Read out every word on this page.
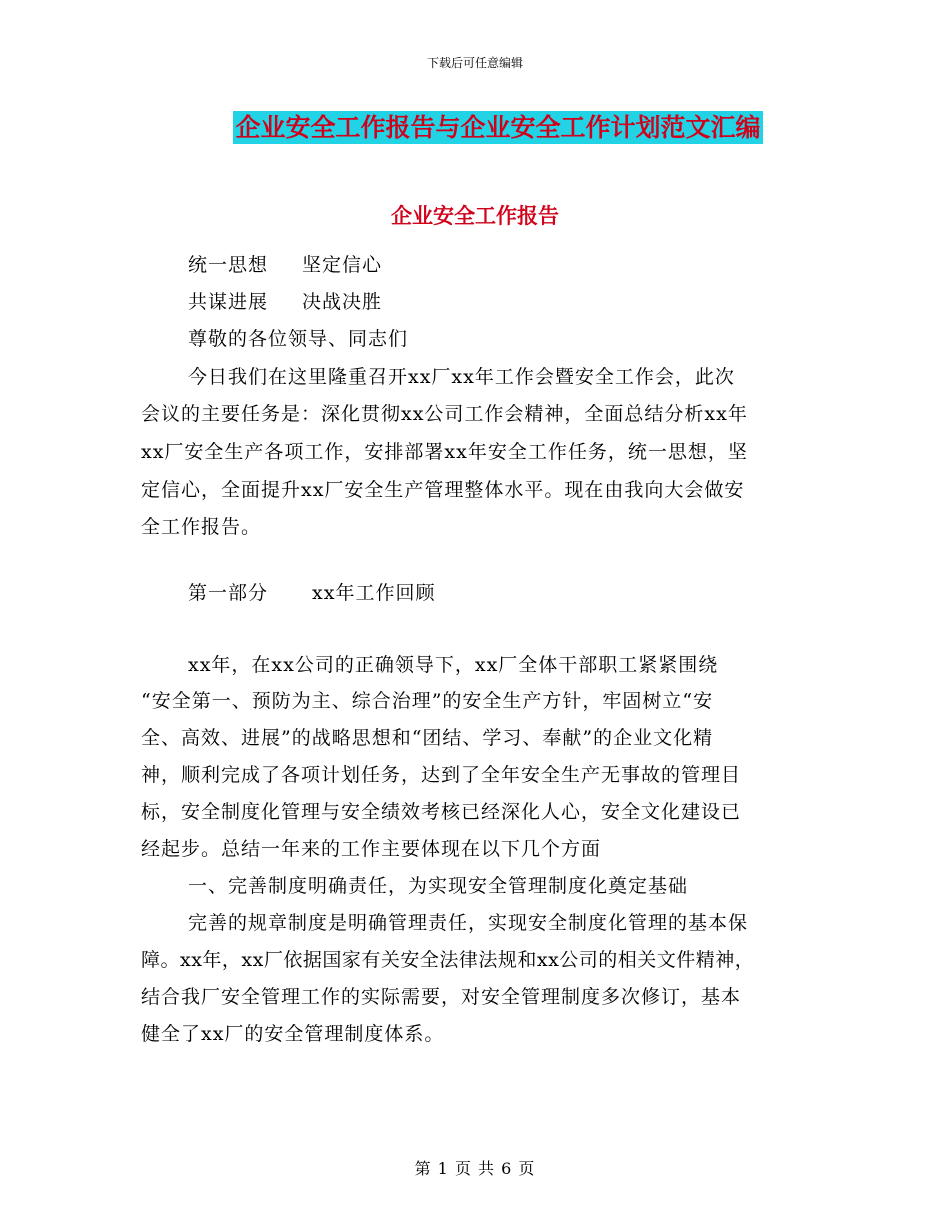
下载后可任意编辑
企业安全工作报告与企业安全工作计划范文汇编
企业安全工作报告
统一思想 坚定信心
共谋进展 决战决胜
尊敬的各位领导、同志们
今日我们在这里隆重召开xx厂xx年工作会暨安全工作会，此次
会议的主要任务是：深化贯彻xx公司工作会精神，全面总结分析xx年
xx厂安全生产各项工作，安排部署xx年安全工作任务，统一思想，坚
定信心，全面提升xx厂安全生产管理整体水平。现在由我向大会做安
全工作报告。
第一部分 xx年工作回顾
xx年，在xx公司的正确领导下，xx厂全体干部职工紧紧围绕
“安全第一、预防为主、综合治理”的安全生产方针，牢固树立“安
全、高效、进展”的战略思想和“团结、学习、奉献”的企业文化精
神，顺利完成了各项计划任务，达到了全年安全生产无事故的管理目
标，安全制度化管理与安全绩效考核已经深化人心，安全文化建设已
经起步。总结一年来的工作主要体现在以下几个方面
一、完善制度明确责任，为实现安全管理制度化奠定基础
完善的规章制度是明确管理责任，实现安全制度化管理的基本保
障。xx年，xx厂依据国家有关安全法律法规和xx公司的相关文件精神，
结合我厂安全管理工作的实际需要，对安全管理制度多次修订，基本
健全了xx厂的安全管理制度体系。
第 1 页 共 6 页
